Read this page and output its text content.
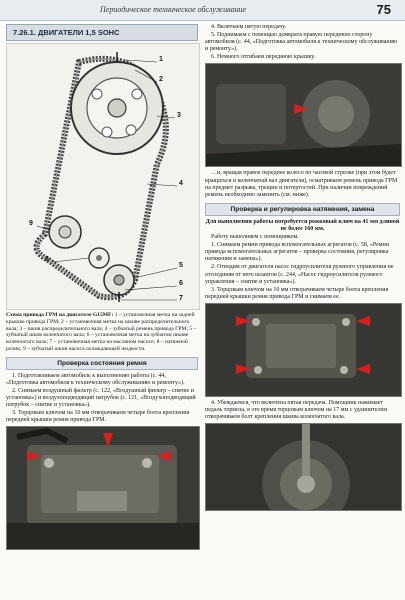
Периодическое техническое обслуживание	75
7.26.1. ДВИГАТЕЛИ 1,5 SOHC
1
2
3
4
5
6
7
8
9
Схема привода ГРМ на двигателе G15MF: 1 – установочная метка на задней крышке привода ГРМ; 2 – установочная метка на шкиве распределительного вала; 3 – шкив распределительного вала; 4 – зубчатый ремень привода ГРМ; 5 – зубчатый шкив коленчатого вала; 6 – установочная метка на зубчатом шкиве коленчатого вала; 7 – установочная метка на масляном насосе; 8 – натяжной ролик; 9 – зубчатый шкив насоса охлаждающей жидкости.
Проверка состояния ремня

1. Подготавливаем автомобиль к выполнению работы (с. 44, «Подготовка автомобиля к техническому обслуживанию и ремонту»).

2. Снимаем воздушный фильтр (с. 122, «Воздушный фильтр – снятие и установка») и воздухоподводящий патрубок (с. 121, «Воздухоподводящий патрубок – снятие и установка»).

3. Торцовым ключом на 10 мм отворачиваем четыре болта крепления передней крышки ремня привода ГРМ.

4. Включаем пятую передачу.

5. Поднимаем с помощью домкрата правую переднюю сторону автомобиля (с. 44, «Подготовка автомобиля к техническому обслуживанию и ремонту»).

6. Немного отгибаем переднюю крышку.

…и, вращая правое переднее колесо по часовой стрелке (при этом будет вращаться и коленчатый вал двигателя), осматриваем ремень привода ГРМ на предмет разрыва, трещин и потертостей. При наличии повреждений ремень необходимо заменить (см. ниже).

Проверка и регулировка натяжения, замена

Для выполнения работы потребуется рожковый ключ на 41 мм длиной не более 160 мм.

Работу выполняем с помощником.

1. Снимаем ремни привода вспомогательных агрегатов (с. 58, «Ремни привода вспомогательных агрегатов – проверка состояния, регулировка натяжения и замена»).

2. Отводим от двигателя насос гидроусилителя рулевого управления не отсоединяя от него шлангов (с. 244, «Насос гидроусилителя рулевого управления – снятие и установка»).

3. Торцовым ключом на 10 мм отворачиваем четыре болта крепления передней крышки ремня привода ГРМ и снимаем ее.

4. Убеждаемся, что включена пятая передача. Помощник нажимает педаль тормоза, в это время торцовым ключом на 17 мм с удлинителем отворачиваем болт крепления шкива коленчатого вала.
